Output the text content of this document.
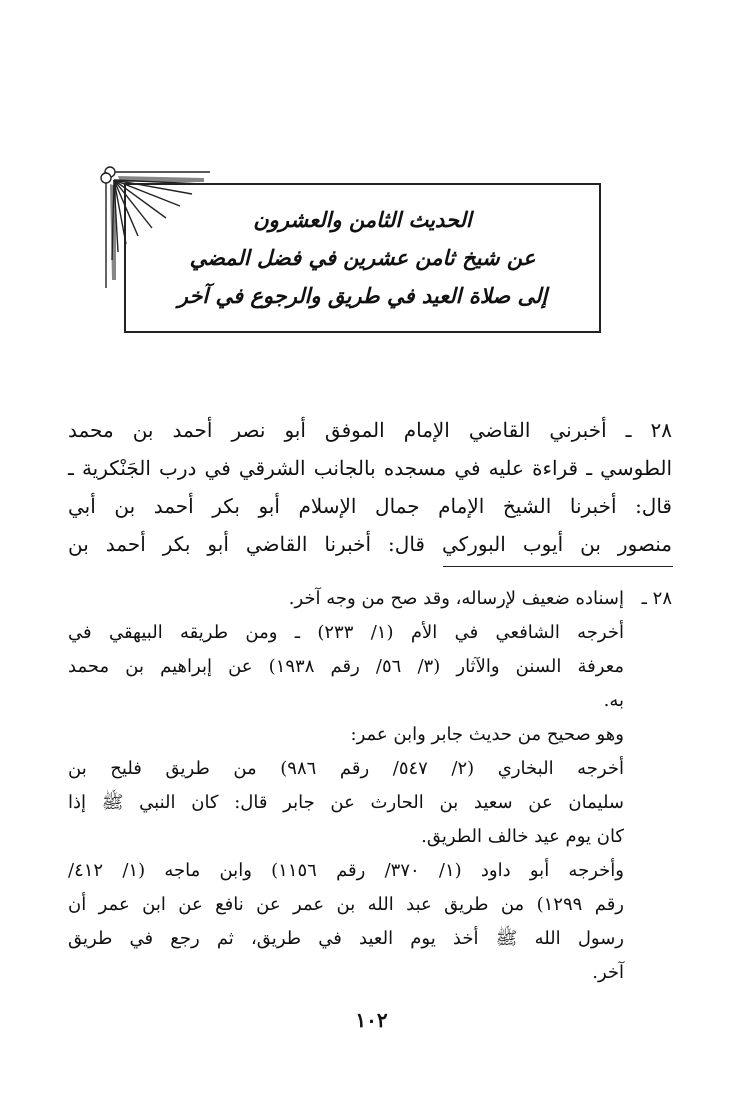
الحديث الثامن والعشرون
عن شيخ ثامن عشرين في فضل المضي
إلى صلاة العيد في طريق والرجوع في آخر
٢٨ ـ أخبرني القاضي الإمام الموفق أبو نصر أحمد بن محمد
الطوسي ـ قراءة عليه في مسجده بالجانب الشرقي في درب الجَنْكرية ـ
قال: أخبرنا الشيخ الإمام جمال الإسلام أبو بكر أحمد بن أبي
منصور بن أيوب البوركي قال: أخبرنا القاضي أبو بكر أحمد بن
٢٨ ـ
إسناده ضعيف لإرساله، وقد صح من وجه آخر.
أخرجه الشافعي في الأم (١/ ٢٣٣) ـ ومن طريقه البيهقي في
معرفة السنن والآثار (٣/ ٥٦/ رقم ١٩٣٨) عن إبراهيم بن محمد
به.
وهو صحيح من حديث جابر وابن عمر:
أخرجه البخاري (٢/ ٥٤٧/ رقم ٩٨٦) من طريق فليح بن
سليمان عن سعيد بن الحارث عن جابر قال: كان النبي ﷺ إذا
كان يوم عيد خالف الطريق.
وأخرجه أبو داود (١/ ٣٧٠/ رقم ١١٥٦) وابن ماجه (١/ ٤١٢/
رقم ١٢٩٩) من طريق عبد الله بن عمر عن نافع عن ابن عمر أن
رسول الله ﷺ أخذ يوم العيد في طريق، ثم رجع في طريق
آخر.
١٠٢
